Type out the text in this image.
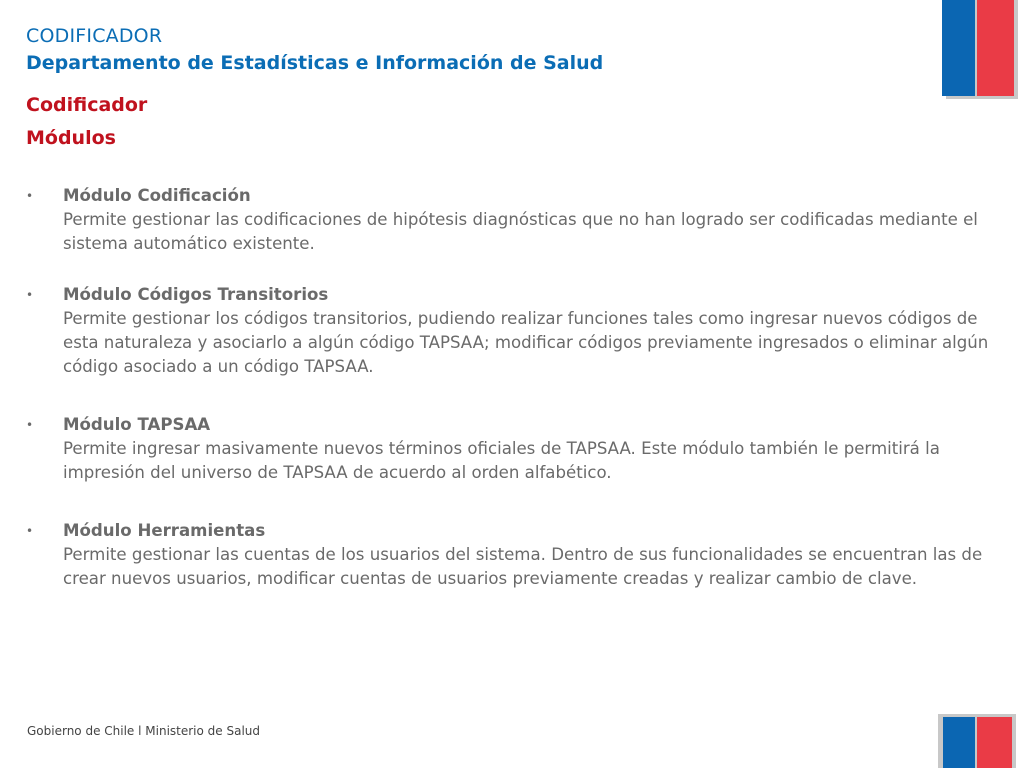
CODIFICADOR
Departamento de Estadísticas e Información de Salud
Codificador
Módulos
• Módulo Codificación
Permite gestionar las codificaciones de hipótesis diagnósticas que no han logrado ser codificadas mediante el sistema automático existente.
• Módulo Códigos Transitorios
Permite gestionar los códigos transitorios, pudiendo realizar funciones tales como ingresar nuevos códigos de esta naturaleza y asociarlo a algún código TAPSAA; modificar códigos previamente ingresados o eliminar algún código asociado a un código TAPSAA.
• Módulo TAPSAA
Permite ingresar masivamente nuevos términos oficiales de TAPSAA. Este módulo también le permitirá la impresión del universo de TAPSAA de acuerdo al orden alfabético.
• Módulo Herramientas
Permite gestionar las cuentas de los usuarios del sistema. Dentro de sus funcionalidades se encuentran las de crear nuevos usuarios, modificar cuentas de usuarios previamente creadas y realizar cambio de clave.
Gobierno de Chile l Ministerio de Salud
